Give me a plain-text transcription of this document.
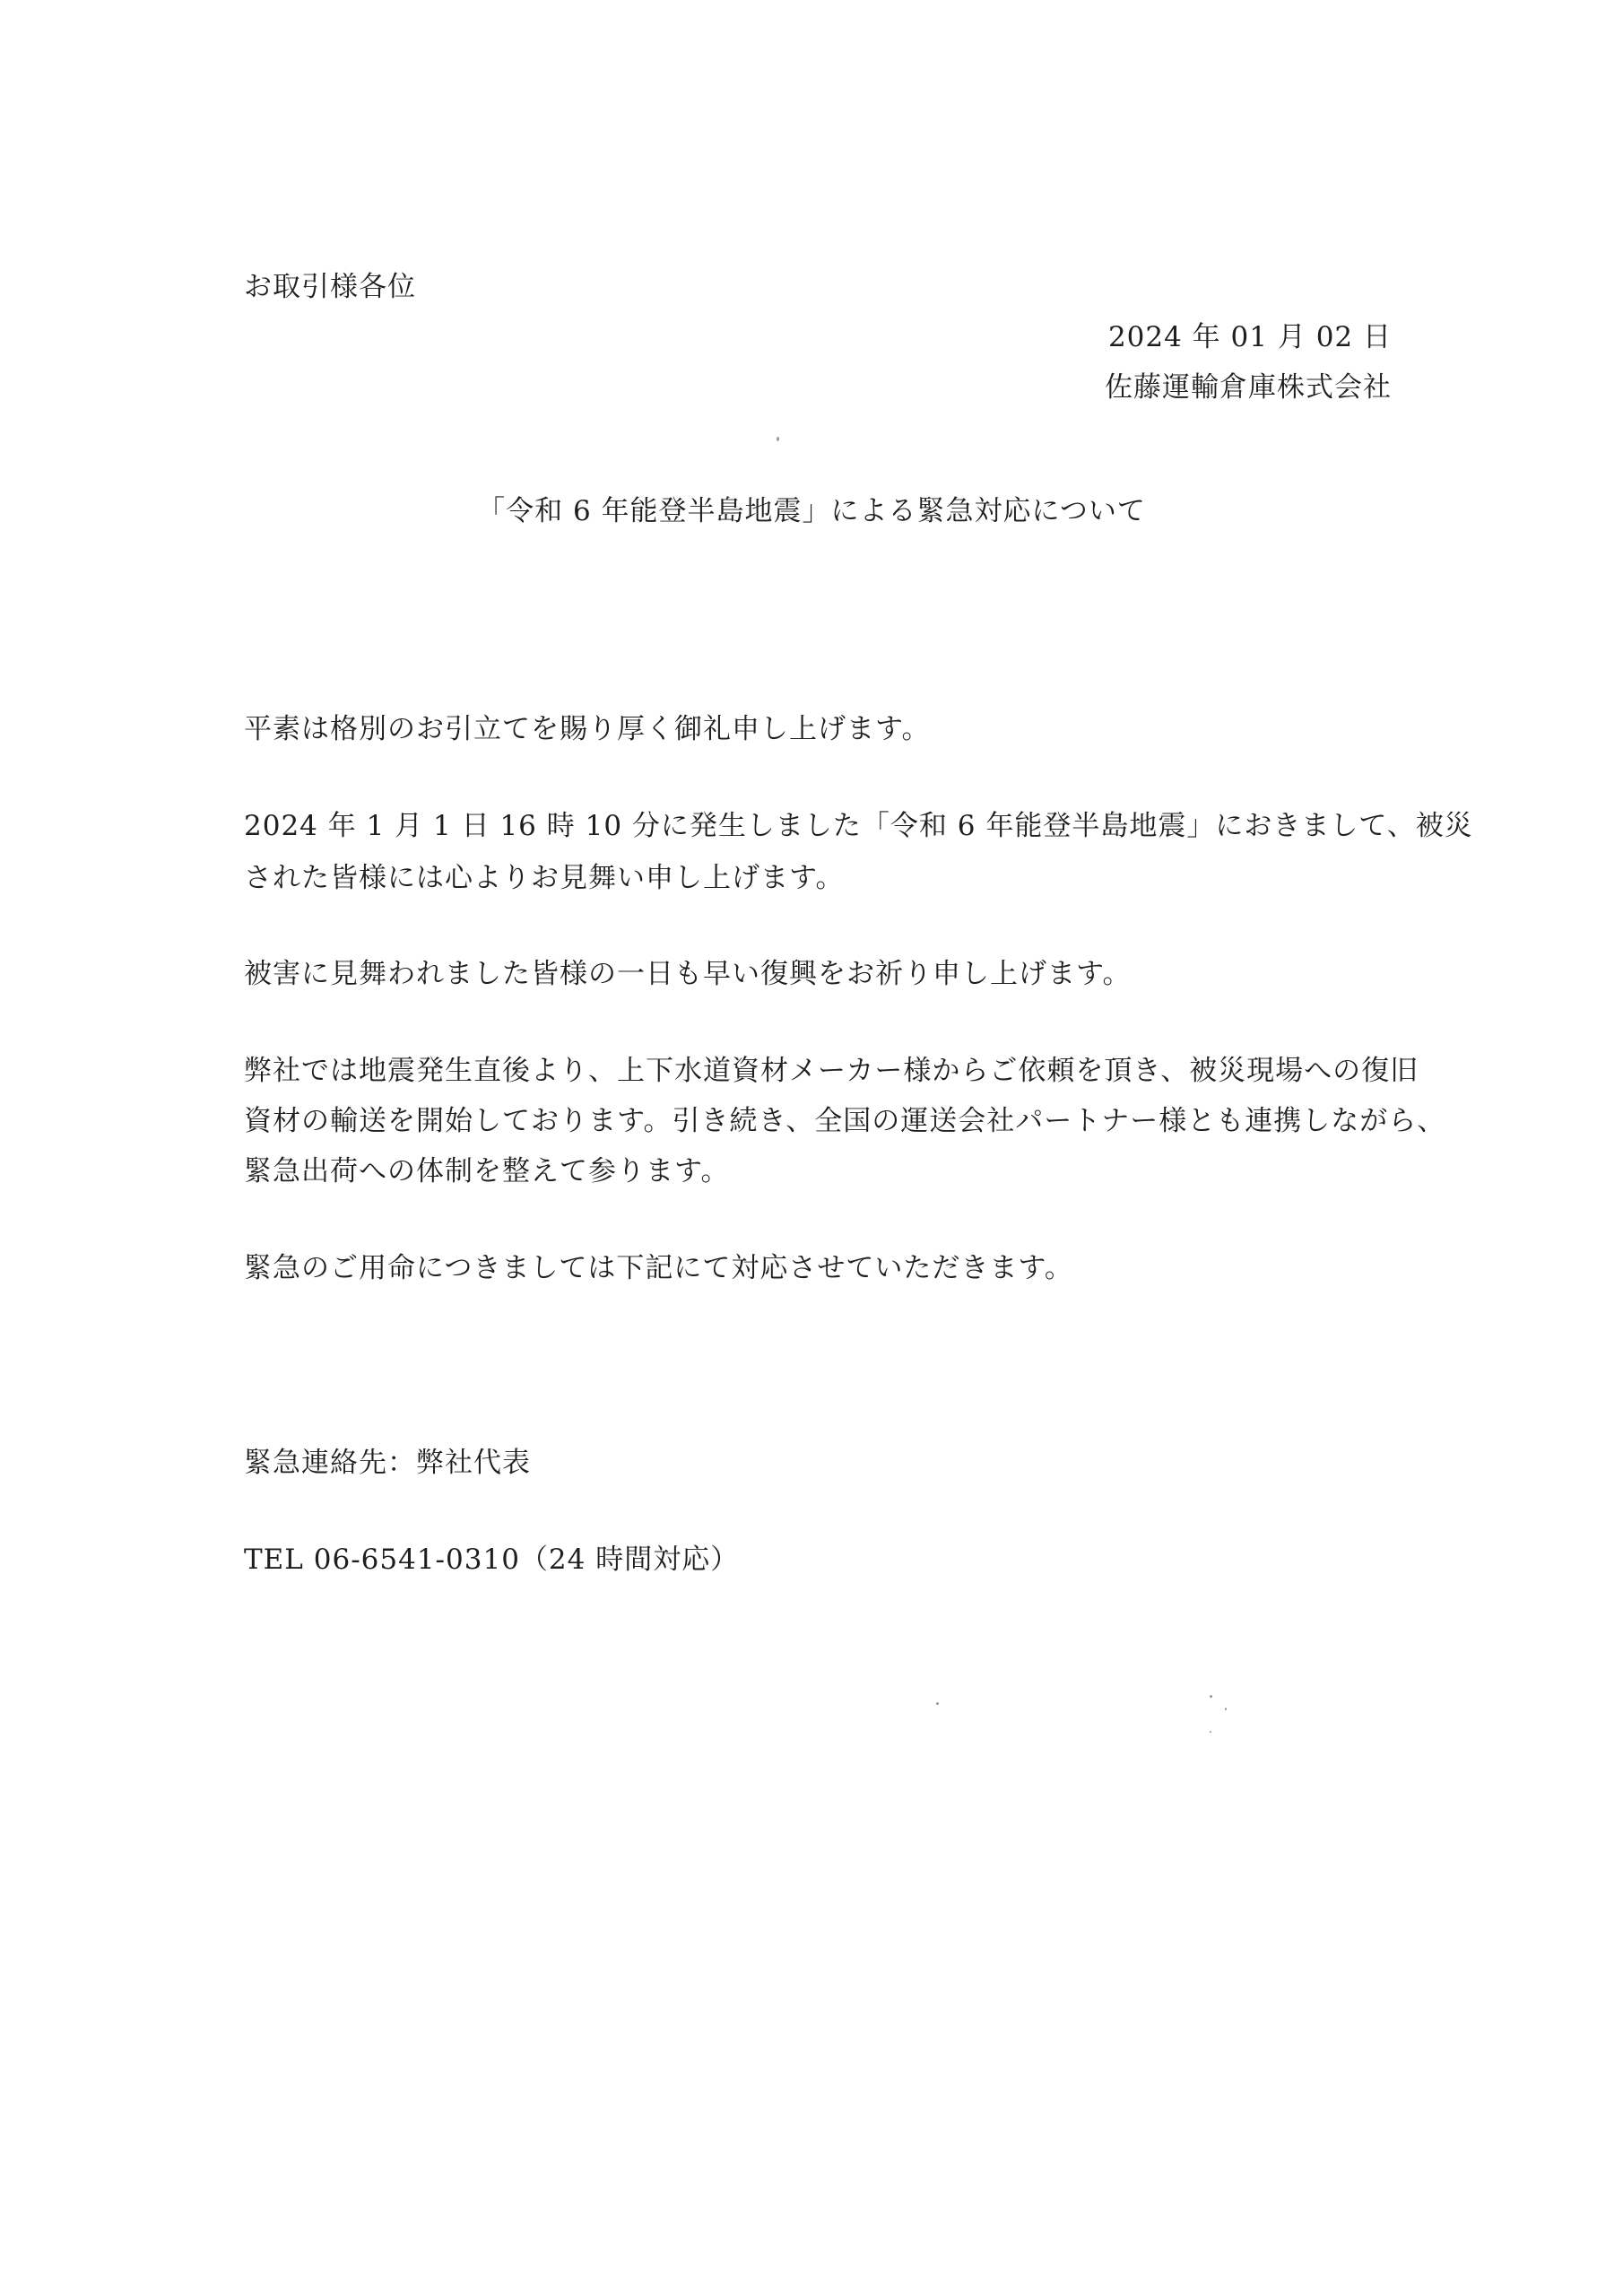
お取引様各位
2024 年 01 月 02 日
佐藤運輸倉庫株式会社
「令和 6 年能登半島地震」による緊急対応について
平素は格別のお引立てを賜り厚く御礼申し上げます。
2024 年 1 月 1 日 16 時 10 分に発生しました「令和 6 年能登半島地震」におきまして、被災
された皆様には心よりお見舞い申し上げます。
被害に見舞われました皆様の一日も早い復興をお祈り申し上げます。
弊社では地震発生直後より、上下水道資材メーカー様からご依頼を頂き、被災現場への復旧
資材の輸送を開始しております。引き続き、全国の運送会社パートナー様とも連携しながら、
緊急出荷への体制を整えて参ります。
緊急のご用命につきましては下記にて対応させていただきます。
緊急連絡先：弊社代表
TEL 06-6541-0310（24 時間対応）
